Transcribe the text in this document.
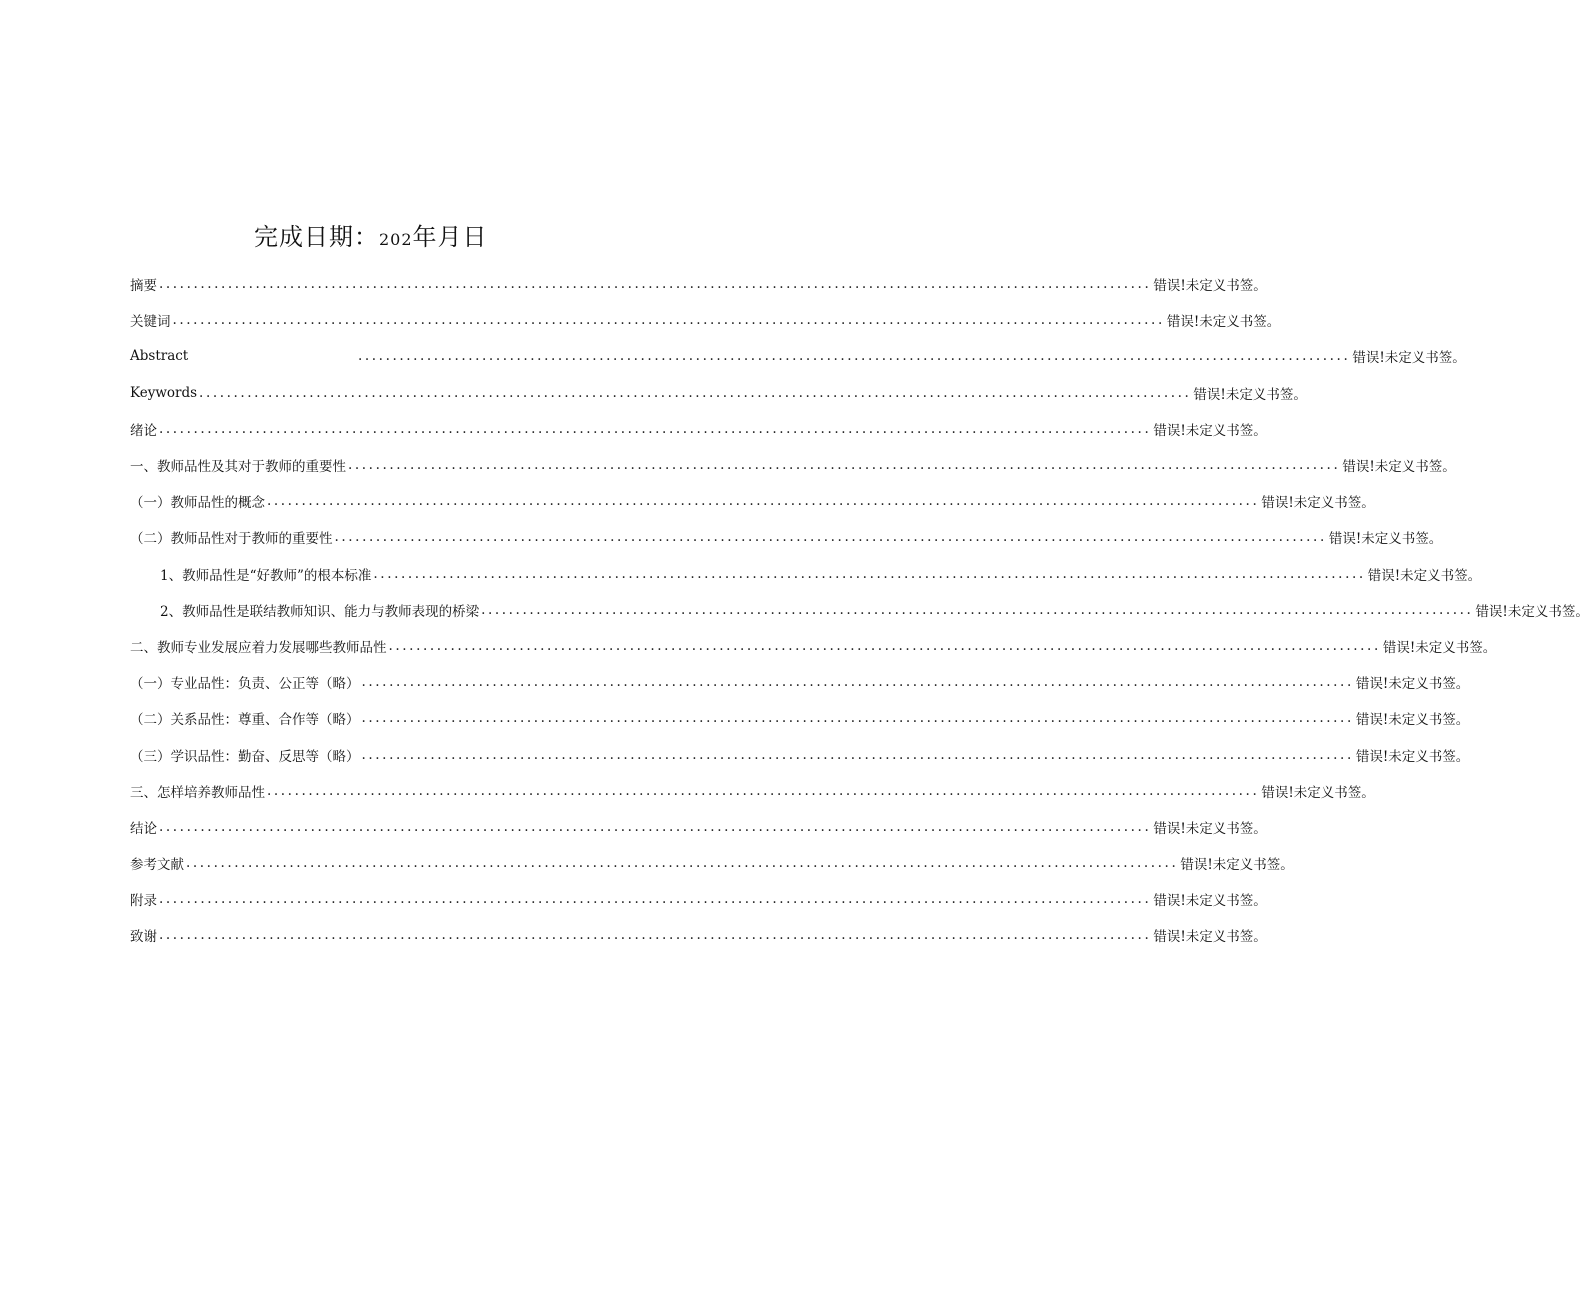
完成日期：202年月日
摘要 ................................................................................................................................................ 错误!未定义书签。
关键词 ................................................................................................................................................ 错误!未定义书签。
Abstract	................................................................................................................................................ 错误!未定义书签。
Keywords ................................................................................................................................................ 错误!未定义书签。
绪论 ................................................................................................................................................ 错误!未定义书签。
一、教师品性及其对于教师的重要性 ................................................................................................................................................ 错误!未定义书签。
（一）教师品性的概念 ................................................................................................................................................ 错误!未定义书签。
（二）教师品性对于教师的重要性 ................................................................................................................................................ 错误!未定义书签。
1、教师品性是“好教师”的根本标准 ................................................................................................................................................ 错误!未定义书签。
2、教师品性是联结教师知识、能力与教师表现的桥梁 ................................................................................................................................................ 错误!未定义书签。
二、教师专业发展应着力发展哪些教师品性 ................................................................................................................................................ 错误!未定义书签。
（一）专业品性：负责、公正等（略） ................................................................................................................................................ 错误!未定义书签。
（二）关系品性：尊重、合作等（略） ................................................................................................................................................ 错误!未定义书签。
（三）学识品性：勤奋、反思等（略） ................................................................................................................................................ 错误!未定义书签。
三、怎样培养教师品性 ................................................................................................................................................ 错误!未定义书签。
结论 ................................................................................................................................................ 错误!未定义书签。
参考文献 ................................................................................................................................................ 错误!未定义书签。
附录 ................................................................................................................................................ 错误!未定义书签。
致谢 ................................................................................................................................................ 错误!未定义书签。
